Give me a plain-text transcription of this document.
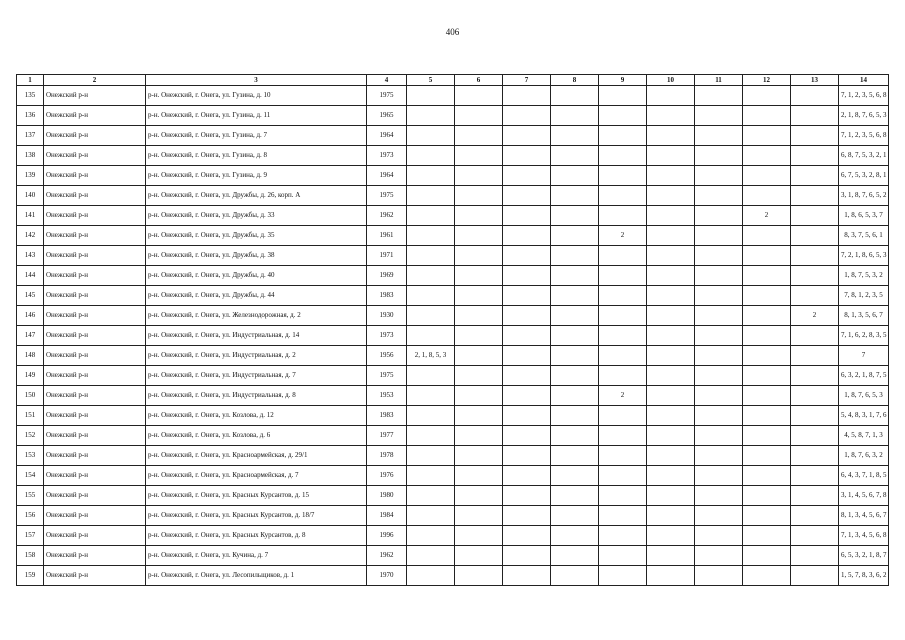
406
1	2	3	4	5	6	7	8	9	10	11	12	13	14
135	Онежский р-н	р-н. Онежский, г. Онега, ул. Гузина, д. 10	1975										7, 1, 2, 3, 5, 6, 8
136	Онежский р-н	р-н. Онежский, г. Онега, ул. Гузина, д. 11	1965										2, 1, 8, 7, 6, 5, 3
137	Онежский р-н	р-н. Онежский, г. Онега, ул. Гузина, д. 7	1964										7, 1, 2, 3, 5, 6, 8
138	Онежский р-н	р-н. Онежский, г. Онега, ул. Гузина, д. 8	1973										6, 8, 7, 5, 3, 2, 1
139	Онежский р-н	р-н. Онежский, г. Онега, ул. Гузина, д. 9	1964										6, 7, 5, 3, 2, 8, 1
140	Онежский р-н	р-н. Онежский, г. Онега, ул. Дружбы, д. 26, корп. А	1975										3, 1, 8, 7, 6, 5, 2
141	Онежский р-н	р-н. Онежский, г. Онега, ул. Дружбы, д. 33	1962								2		1, 8, 6, 5, 3, 7
142	Онежский р-н	р-н. Онежский, г. Онега, ул. Дружбы, д. 35	1961					2					8, 3, 7, 5, 6, 1
143	Онежский р-н	р-н. Онежский, г. Онега, ул. Дружбы, д. 38	1971										7, 2, 1, 8, 6, 5, 3
144	Онежский р-н	р-н. Онежский, г. Онега, ул. Дружбы, д. 40	1969										1, 8, 7, 5, 3, 2
145	Онежский р-н	р-н. Онежский, г. Онега, ул. Дружбы, д. 44	1983										7, 8, 1, 2, 3, 5
146	Онежский р-н	р-н. Онежский, г. Онега, ул. Железнодорожная, д. 2	1930									2	8, 1, 3, 5, 6, 7
147	Онежский р-н	р-н. Онежский, г. Онега, ул. Индустриальная, д. 14	1973										7, 1, 6, 2, 8, 3, 5
148	Онежский р-н	р-н. Онежский, г. Онега, ул. Индустриальная, д. 2	1956	2, 1, 8, 5, 3									7
149	Онежский р-н	р-н. Онежский, г. Онега, ул. Индустриальная, д. 7	1975										6, 3, 2, 1, 8, 7, 5
150	Онежский р-н	р-н. Онежский, г. Онега, ул. Индустриальная, д. 8	1953					2					1, 8, 7, 6, 5, 3
151	Онежский р-н	р-н. Онежский, г. Онега, ул. Козлова, д. 12	1983										5, 4, 8, 3, 1, 7, 6
152	Онежский р-н	р-н. Онежский, г. Онега, ул. Козлова, д. 6	1977										4, 5, 8, 7, 1, 3
153	Онежский р-н	р-н. Онежский, г. Онега, ул. Красноармейская, д. 29/1	1978										1, 8, 7, 6, 3, 2
154	Онежский р-н	р-н. Онежский, г. Онега, ул. Красноармейская, д. 7	1976										6, 4, 3, 7, 1, 8, 5
155	Онежский р-н	р-н. Онежский, г. Онега, ул. Красных Курсантов, д. 15	1980										3, 1, 4, 5, 6, 7, 8
156	Онежский р-н	р-н. Онежский, г. Онега, ул. Красных Курсантов, д. 18/7	1984										8, 1, 3, 4, 5, 6, 7
157	Онежский р-н	р-н. Онежский, г. Онега, ул. Красных Курсантов, д. 8	1996										7, 1, 3, 4, 5, 6, 8
158	Онежский р-н	р-н. Онежский, г. Онега, ул. Кучина, д. 7	1962										6, 5, 3, 2, 1, 8, 7
159	Онежский р-н	р-н. Онежский, г. Онега, ул. Лесопильщиков, д. 1	1970										1, 5, 7, 8, 3, 6, 2
